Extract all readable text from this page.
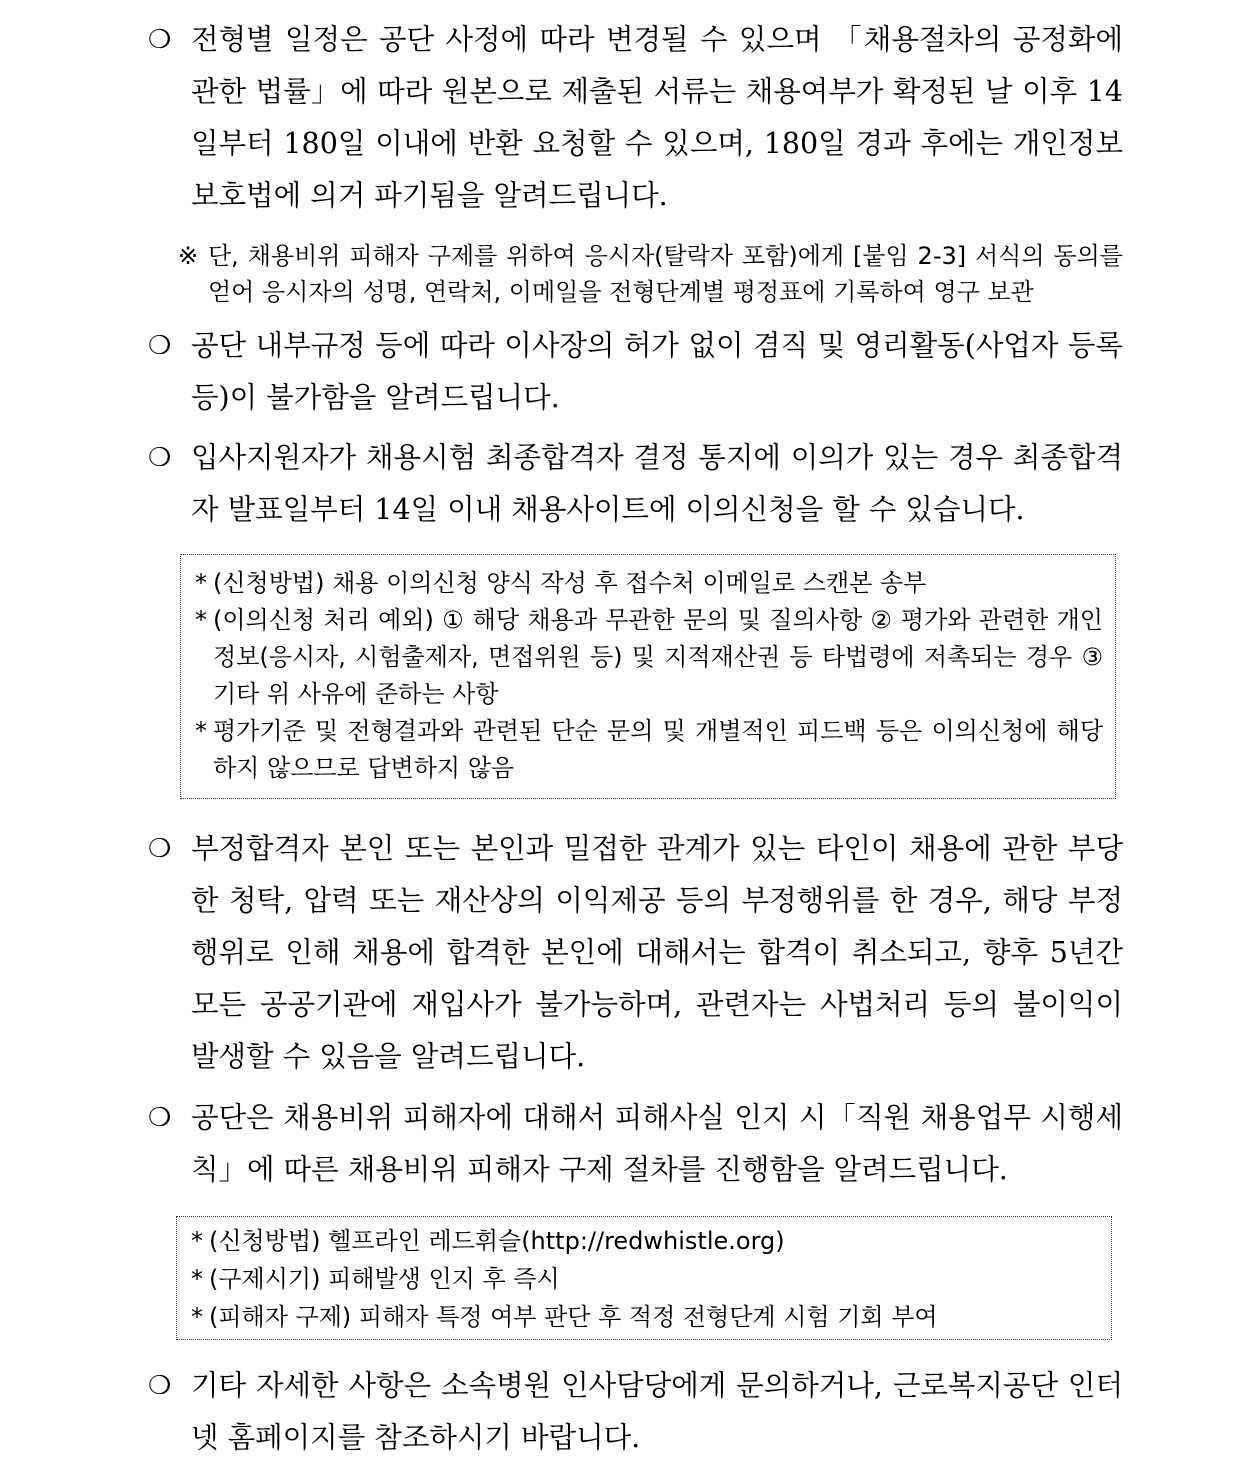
❍ 전형별 일정은 공단 사정에 따라 변경될 수 있으며 「채용절차의 공정화에 관한 법률」에 따라 원본으로 제출된 서류는 채용여부가 확정된 날 이후 14일부터 180일 이내에 반환 요청할 수 있으며, 180일 경과 후에는 개인정보보호법에 의거 파기됨을 알려드립니다.
※ 단, 채용비위 피해자 구제를 위하여 응시자(탈락자 포함)에게 [붙임 2-3] 서식의 동의를 얻어 응시자의 성명, 연락처, 이메일을 전형단계별 평정표에 기록하여 영구 보관
❍ 공단 내부규정 등에 따라 이사장의 허가 없이 겸직 및 영리활동(사업자 등록 등)이 불가함을 알려드립니다.
❍ 입사지원자가 채용시험 최종합격자 결정 통지에 이의가 있는 경우 최종합격자 발표일부터 14일 이내 채용사이트에 이의신청을 할 수 있습니다.
* (신청방법) 채용 이의신청 양식 작성 후 접수처 이메일로 스캔본 송부
* (이의신청 처리 예외) ① 해당 채용과 무관한 문의 및 질의사항 ② 평가와 관련한 개인정보(응시자, 시험출제자, 면접위원 등) 및 지적재산권 등 타법령에 저촉되는 경우 ③ 기타 위 사유에 준하는 사항
* 평가기준 및 전형결과와 관련된 단순 문의 및 개별적인 피드백 등은 이의신청에 해당하지 않으므로 답변하지 않음
❍ 부정합격자 본인 또는 본인과 밀접한 관계가 있는 타인이 채용에 관한 부당한 청탁, 압력 또는 재산상의 이익제공 등의 부정행위를 한 경우, 해당 부정행위로 인해 채용에 합격한 본인에 대해서는 합격이 취소되고, 향후 5년간 모든 공공기관에 재입사가 불가능하며, 관련자는 사법처리 등의 불이익이 발생할 수 있음을 알려드립니다.
❍ 공단은 채용비위 피해자에 대해서 피해사실 인지 시「직원 채용업무 시행세칙」에 따른 채용비위 피해자 구제 절차를 진행함을 알려드립니다.
* (신청방법) 헬프라인 레드휘슬(http://redwhistle.org)
* (구제시기) 피해발생 인지 후 즉시
* (피해자 구제) 피해자 특정 여부 판단 후 적정 전형단계 시험 기회 부여
❍ 기타 자세한 사항은 소속병원 인사담당에게 문의하거나, 근로복지공단 인터넷 홈페이지를 참조하시기 바랍니다.
